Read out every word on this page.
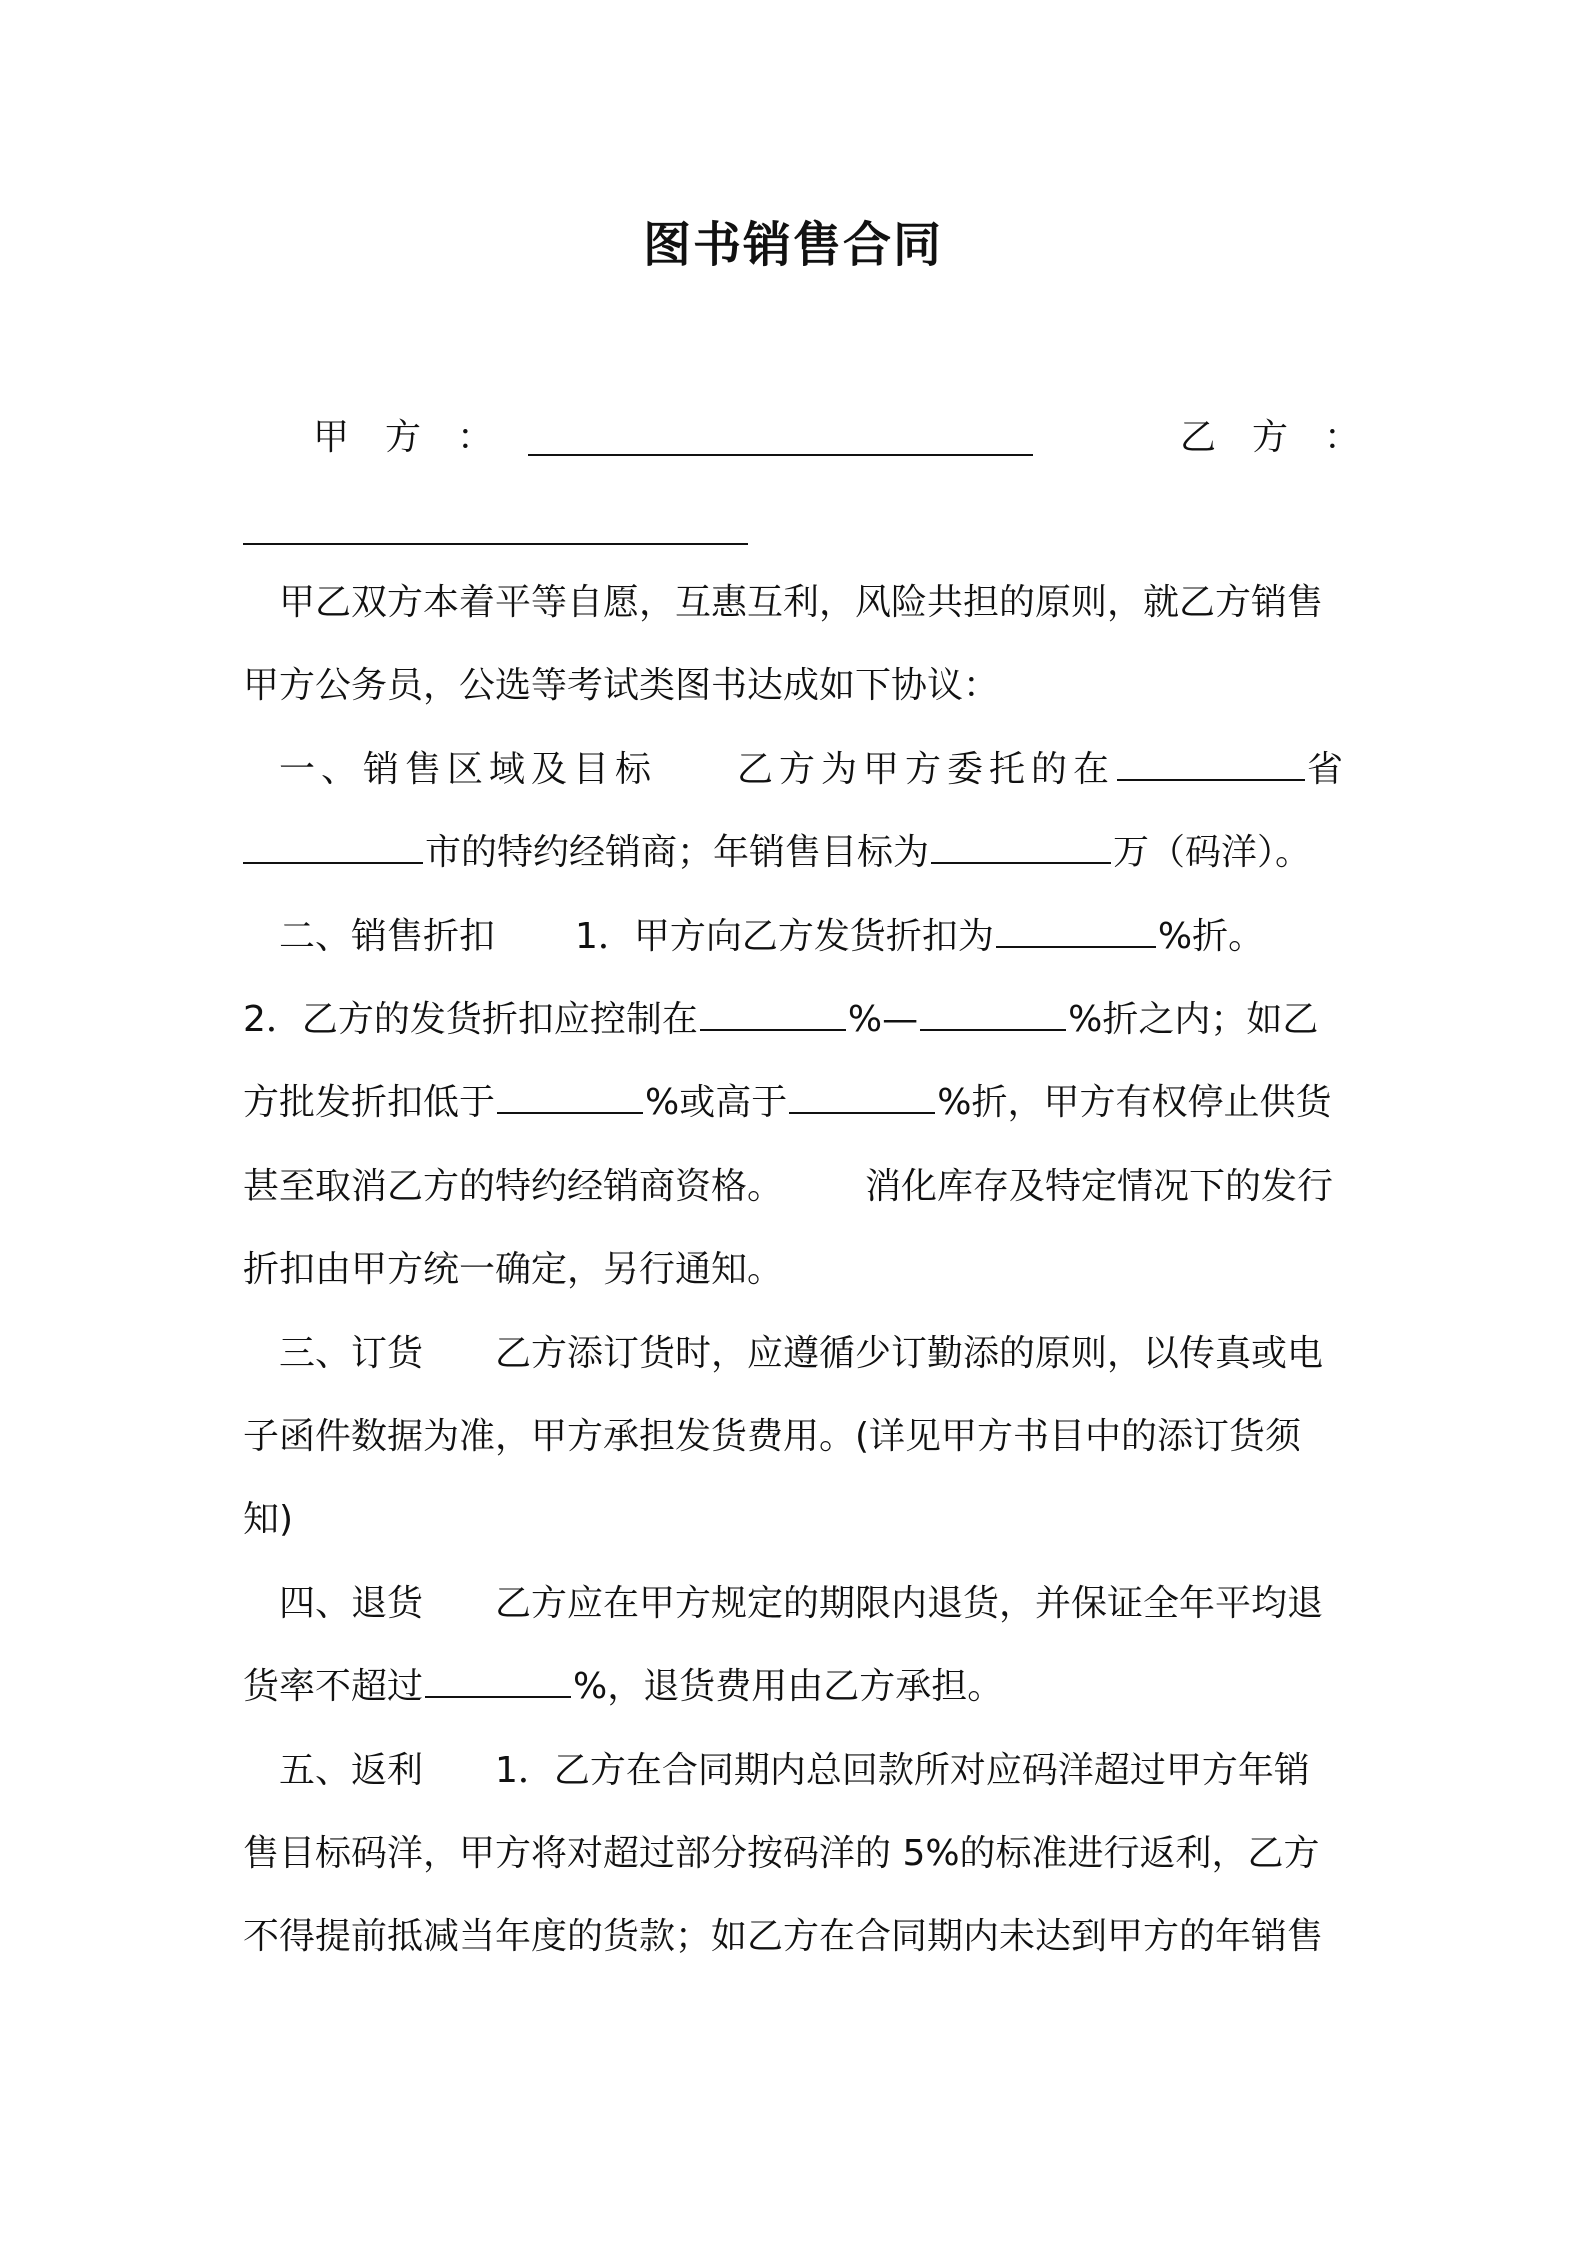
图书销售合同
甲　方　：	乙　方　：
甲乙双方本着平等自愿，互惠互利，风险共担的原则，就乙方销售
甲方公务员，公选等考试类图书达成如下协议：
一、销售区域及目标 乙方为甲方委托的在	省
市的特约经销商；年销售目标为	万（码洋）。
二、销售折扣 1．甲方向乙方发货折扣为	%折。
2．乙方的发货折扣应控制在	%—	%折之内；如乙
方批发折扣低于	%或高于	%折，甲方有权停止供货
甚至取消乙方的特约经销商资格。 消化库存及特定情况下的发行
折扣由甲方统一确定，另行通知。
三、订货 乙方添订货时，应遵循少订勤添的原则，以传真或电
子函件数据为准，甲方承担发货费用。(详见甲方书目中的添订货须
知)
四、退货 乙方应在甲方规定的期限内退货，并保证全年平均退
货率不超过	%，退货费用由乙方承担。
五、返利 1．乙方在合同期内总回款所对应码洋超过甲方年销
售目标码洋，甲方将对超过部分按码洋的 5%的标准进行返利，乙方
不得提前抵减当年度的货款；如乙方在合同期内未达到甲方的年销售
